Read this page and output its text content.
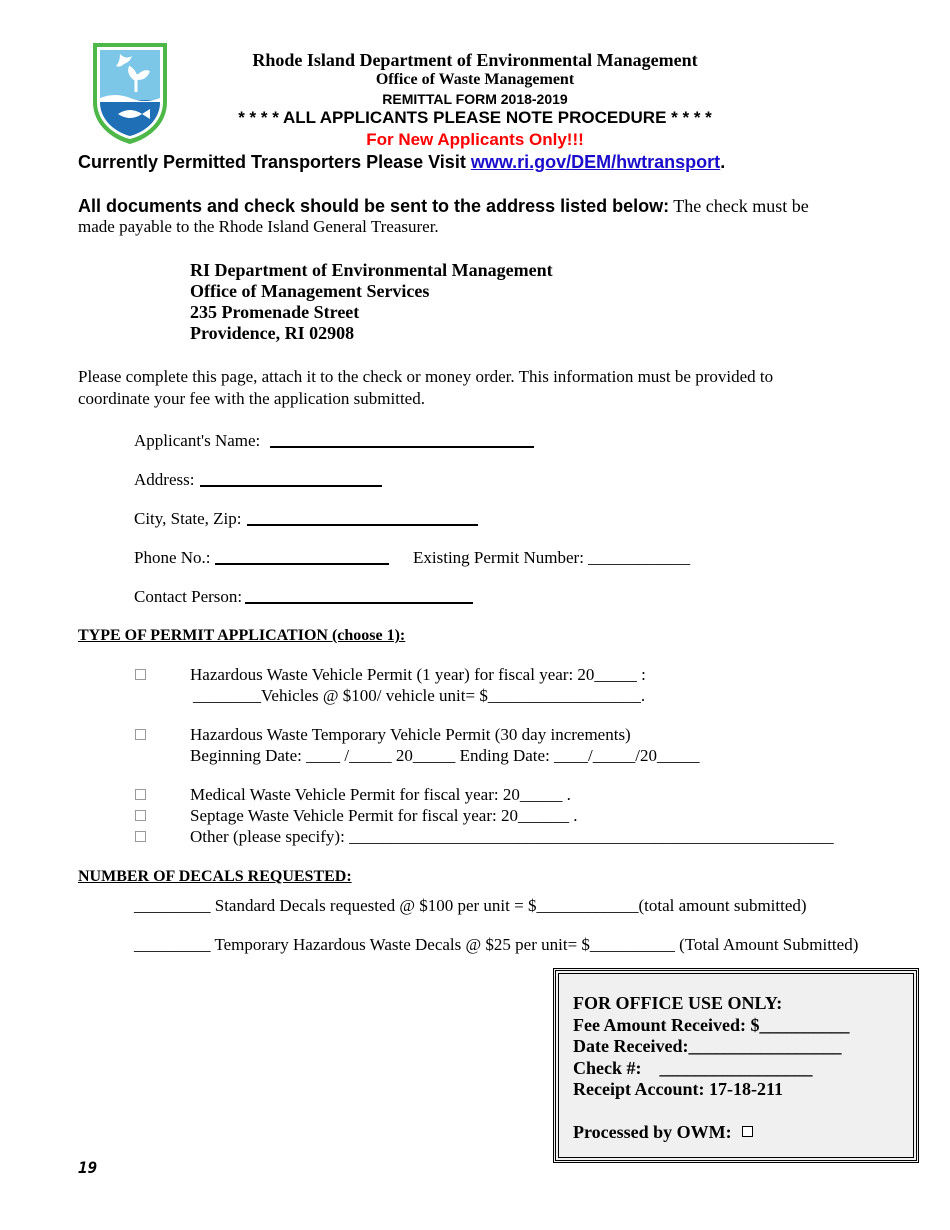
Rhode Island Department of Environmental Management
Office of Waste Management
REMITTAL FORM 2018-2019
* * * * ALL APPLICANTS PLEASE NOTE PROCEDURE * * * *
For New Applicants Only!!!
Currently Permitted Transporters Please Visit www.ri.gov/DEM/hwtransport.
All documents and check should be sent to the address listed below: The check must be
made payable to the Rhode Island General Treasurer.
RI Department of Environmental Management
Office of Management Services
235 Promenade Street
Providence, RI 02908
Please complete this page, attach it to the check or money order. This information must be provided to
coordinate your fee with the application submitted.
Applicant's Name:
Address:
City, State, Zip:
Phone No.:	Existing Permit Number: ____________
Contact Person:
TYPE OF PERMIT APPLICATION (choose 1):
Hazardous Waste Vehicle Permit (1 year) for fiscal year: 20_____ :
________Vehicles @ $100/ vehicle unit= $__________________.
Hazardous Waste Temporary Vehicle Permit (30 day increments)
Beginning Date: ____ /_____ 20_____ Ending Date: ____/_____/20_____
Medical Waste Vehicle Permit for fiscal year: 20_____ .
Septage Waste Vehicle Permit for fiscal year: 20______ .
Other (please specify): _________________________________________________________
NUMBER OF DECALS REQUESTED:
_________ Standard Decals requested @ $100 per unit = $____________(total amount submitted)
_________ Temporary Hazardous Waste Decals @ $25 per unit= $__________ (Total Amount Submitted)
FOR OFFICE USE ONLY:
Fee Amount Received: $__________
Date Received:_________________
Check #:    _________________
Receipt Account: 17-18-211
Processed by OWM:
19
